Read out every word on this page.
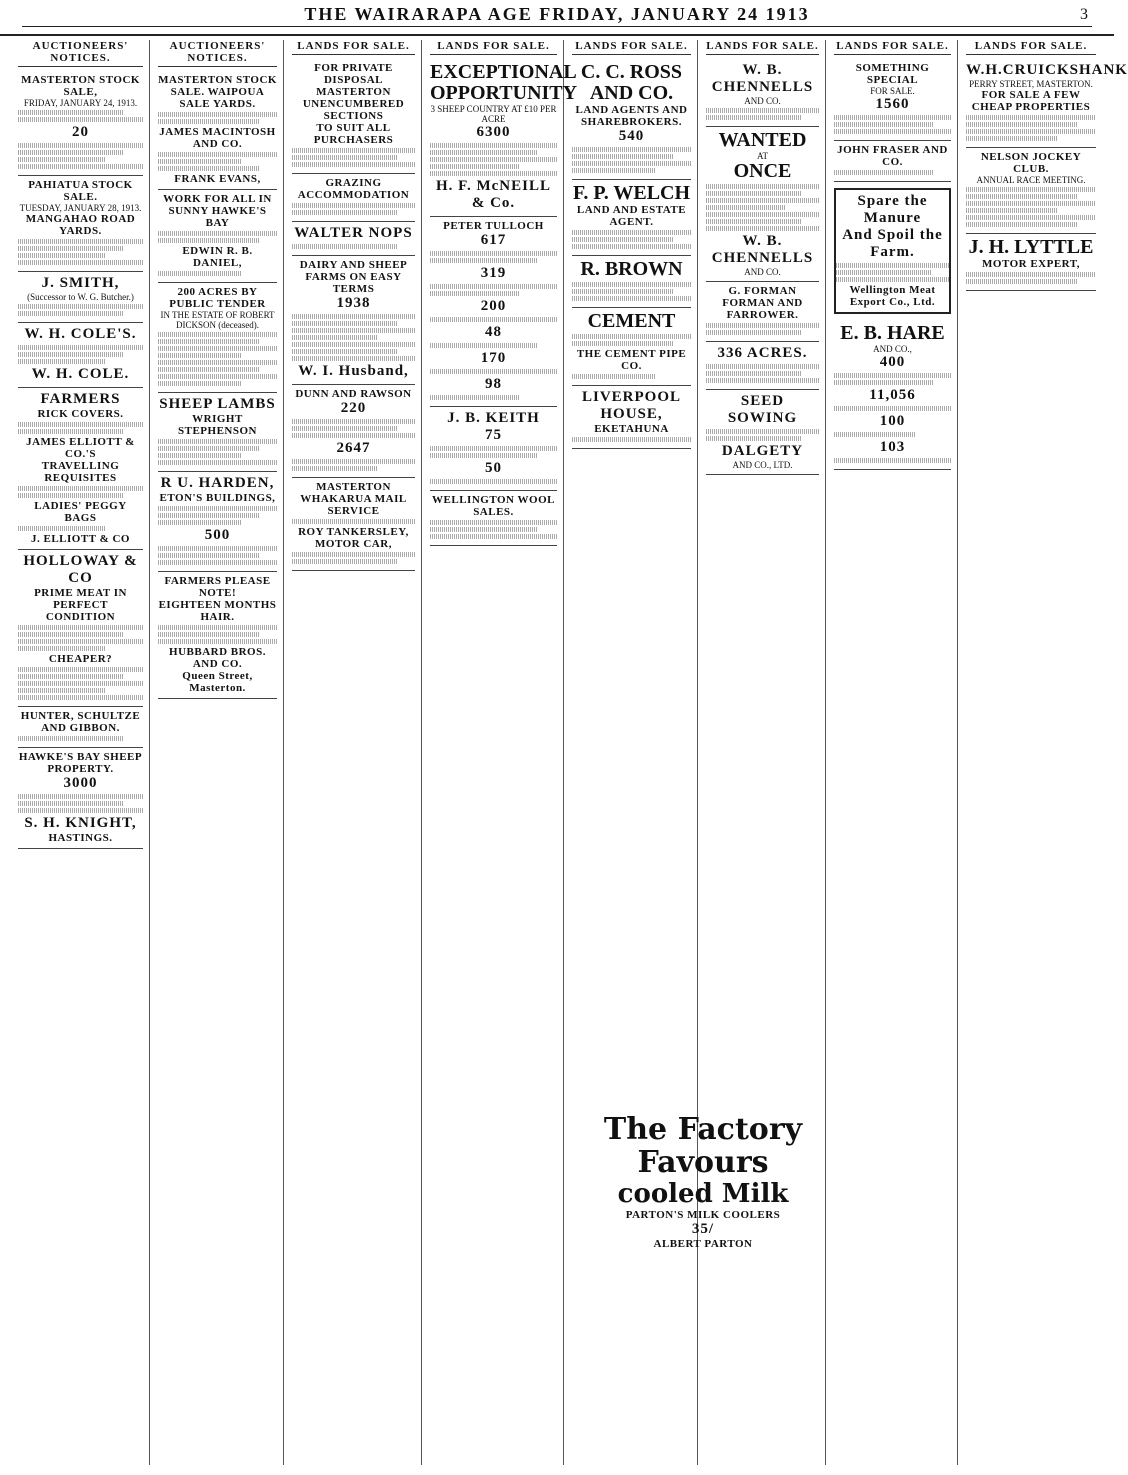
THE WAIRARAPA AGE FRIDAY, JANUARY 24 1913	3
AUCTIONEERS' NOTICES.
MASTERTON STOCK SALE,
FRIDAY, JANUARY 24, 1913.
20
PAHIATUA STOCK SALE.
TUESDAY, JANUARY 28, 1913.
MANGAHAO ROAD YARDS.
J. SMITH,
(Successor to W. G. Butcher.)
W. H. COLE'S.
W. H. COLE.
FARMERS
RICK COVERS.
JAMES ELLIOTT & CO.'S
TRAVELLING REQUISITES
LADIES' PEGGY BAGS
J. ELLIOTT & CO
HOLLOWAY & CO
PRIME MEAT IN PERFECT CONDITION
CHEAPER?
HUNTER, SCHULTZE AND GIBBON.
HAWKE'S BAY SHEEP PROPERTY.
3000
S. H. KNIGHT,
HASTINGS.
AUCTIONEERS' NOTICES.
MASTERTON STOCK SALE. WAIPOUA SALE YARDS.
JAMES MACINTOSH AND CO.
FRANK EVANS,
WORK FOR ALL IN SUNNY HAWKE'S BAY
EDWIN R. B. DANIEL,
200 ACRES BY PUBLIC TENDER
IN THE ESTATE OF ROBERT DICKSON (deceased).
SHEEP LAMBS
WRIGHT STEPHENSON
R U. HARDEN,
ETON'S BUILDINGS,
500
FARMERS PLEASE NOTE!
EIGHTEEN MONTHS HAIR.
HUBBARD BROS. AND CO.
Queen Street, Masterton.
LANDS FOR SALE.
FOR PRIVATE DISPOSAL
MASTERTON
UNENCUMBERED SECTIONS
TO SUIT ALL PURCHASERS
GRAZING ACCOMMODATION
WALTER NOPS
DAIRY AND SHEEP FARMS ON EASY TERMS
1938
W. I. Husband,
DUNN AND RAWSON
220
2647
MASTERTON WHAKARUA MAIL SERVICE
ROY TANKERSLEY,
MOTOR CAR,
LANDS FOR SALE.
EXCEPTIONAL OPPORTUNITY
3 SHEEP COUNTRY AT £10 PER ACRE
6300
H. F. McNEILL & Co.
PETER TULLOCH
617
319
200
48
170
98
J. B. KEITH
75
50
WELLINGTON WOOL SALES.
LANDS FOR SALE.
C. C. ROSS AND CO.
LAND AGENTS AND SHAREBROKERS.
540
F. P. WELCH
LAND AND ESTATE AGENT.
R. BROWN
CEMENT
THE CEMENT PIPE CO.
LIVERPOOL HOUSE,
EKETAHUNA
LANDS FOR SALE.
W. B. CHENNELLS
AND CO.
WANTED
AT
ONCE
W. B. CHENNELLS
AND CO.
G. FORMAN
FORMAN AND FARROWER.
336 ACRES.
SEED
SOWING
DALGETY
AND CO., LTD.
LANDS FOR SALE.
SOMETHING SPECIAL
FOR SALE.
1560
JOHN FRASER AND CO.
Spare the Manure
And Spoil the Farm.
Wellington Meat Export Co., Ltd.
E. B. HARE
AND CO.,
400
11,056
100
103
LANDS FOR SALE.
W.H.CRUICKSHANK
PERRY STREET, MASTERTON.
FOR SALE A FEW CHEAP PROPERTIES
NELSON JOCKEY CLUB.
ANNUAL RACE MEETING.
J. H. LYTTLE
MOTOR EXPERT,
The Factory Favours
cooled Milk
PARTON'S MILK COOLERS
35/
ALBERT PARTON
